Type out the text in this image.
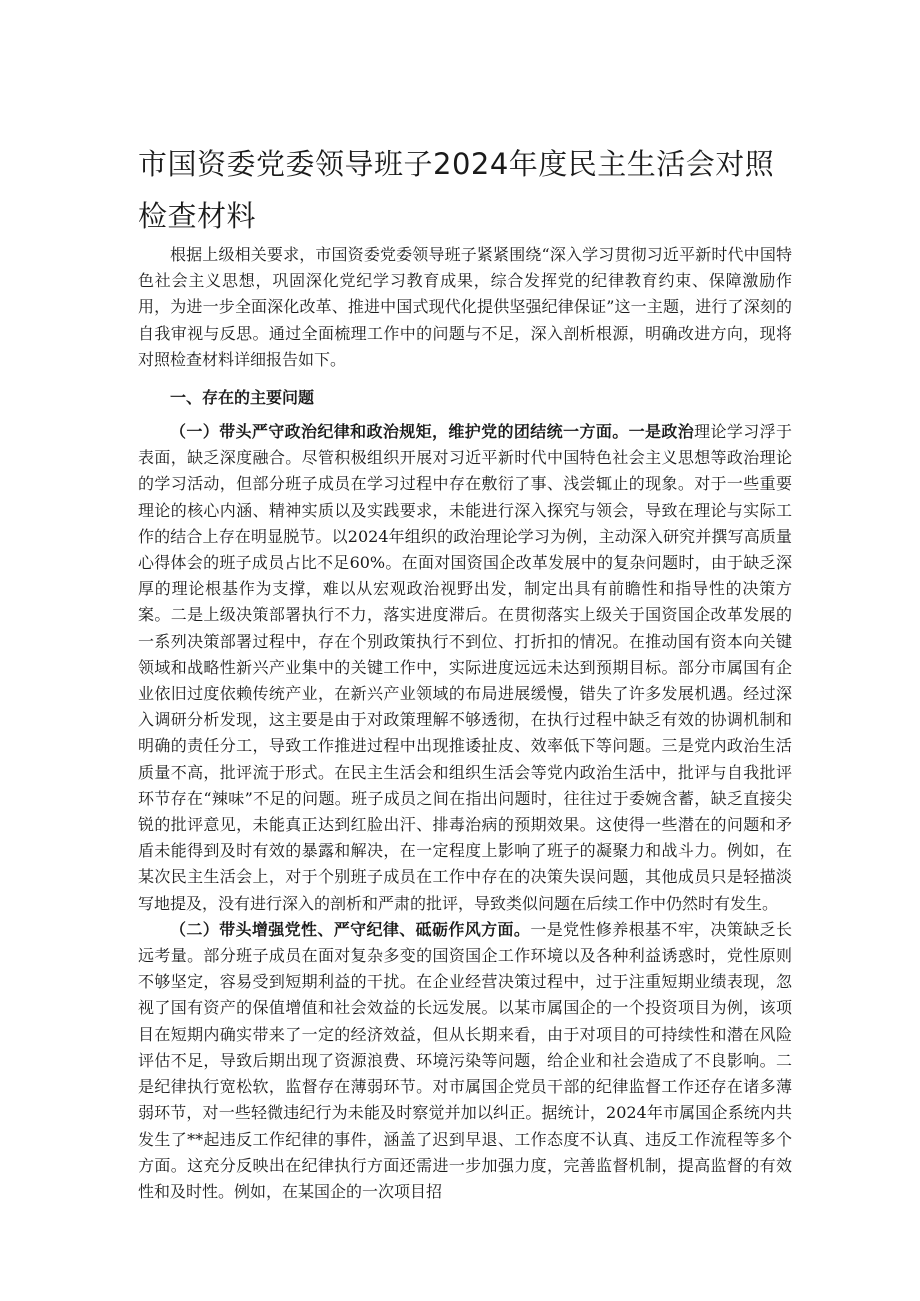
市国资委党委领导班子2024年度民主生活会对照检查材料

根据上级相关要求，市国资委党委领导班子紧紧围绕“深入学习贯彻习近平新时代中国特色社会主义思想，巩固深化党纪学习教育成果，综合发挥党的纪律教育约束、保障激励作用，为进一步全面深化改革、推进中国式现代化提供坚强纪律保证”这一主题，进行了深刻的自我审视与反思。通过全面梳理工作中的问题与不足，深入剖析根源，明确改进方向，现将对照检查材料详细报告如下。

一、存在的主要问题

（一）带头严守政治纪律和政治规矩，维护党的团结统一方面。一是政治理论学习浮于表面，缺乏深度融合。尽管积极组织开展对习近平新时代中国特色社会主义思想等政治理论的学习活动，但部分班子成员在学习过程中存在敷衍了事、浅尝辄止的现象。对于一些重要理论的核心内涵、精神实质以及实践要求，未能进行深入探究与领会，导致在理论与实际工作的结合上存在明显脱节。以2024年组织的政治理论学习为例，主动深入研究并撰写高质量心得体会的班子成员占比不足60%。在面对国资国企改革发展中的复杂问题时，由于缺乏深厚的理论根基作为支撑，难以从宏观政治视野出发，制定出具有前瞻性和指导性的决策方案。二是上级决策部署执行不力，落实进度滞后。在贯彻落实上级关于国资国企改革发展的一系列决策部署过程中，存在个别政策执行不到位、打折扣的情况。在推动国有资本向关键领域和战略性新兴产业集中的关键工作中，实际进度远远未达到预期目标。部分市属国有企业依旧过度依赖传统产业，在新兴产业领域的布局进展缓慢，错失了许多发展机遇。经过深入调研分析发现，这主要是由于对政策理解不够透彻，在执行过程中缺乏有效的协调机制和明确的责任分工，导致工作推进过程中出现推诿扯皮、效率低下等问题。三是党内政治生活质量不高，批评流于形式。在民主生活会和组织生活会等党内政治生活中，批评与自我批评环节存在“辣味”不足的问题。班子成员之间在指出问题时，往往过于委婉含蓄，缺乏直接尖锐的批评意见，未能真正达到红脸出汗、排毒治病的预期效果。这使得一些潜在的问题和矛盾未能得到及时有效的暴露和解决，在一定程度上影响了班子的凝聚力和战斗力。例如，在某次民主生活会上，对于个别班子成员在工作中存在的决策失误问题，其他成员只是轻描淡写地提及，没有进行深入的剖析和严肃的批评，导致类似问题在后续工作中仍然时有发生。

（二）带头增强党性、严守纪律、砥砺作风方面。一是党性修养根基不牢，决策缺乏长远考量。部分班子成员在面对复杂多变的国资国企工作环境以及各种利益诱惑时，党性原则不够坚定，容易受到短期利益的干扰。在企业经营决策过程中，过于注重短期业绩表现，忽视了国有资产的保值增值和社会效益的长远发展。以某市属国企的一个投资项目为例，该项目在短期内确实带来了一定的经济效益，但从长期来看，由于对项目的可持续性和潜在风险评估不足，导致后期出现了资源浪费、环境污染等问题，给企业和社会造成了不良影响。二是纪律执行宽松软，监督存在薄弱环节。对市属国企党员干部的纪律监督工作还存在诸多薄弱环节，对一些轻微违纪行为未能及时察觉并加以纠正。据统计，2024年市属国企系统内共发生了**起违反工作纪律的事件，涵盖了迟到早退、工作态度不认真、违反工作流程等多个方面。这充分反映出在纪律执行方面还需进一步加强力度，完善监督机制，提高监督的有效性和及时性。例如，在某国企的一次项目招
